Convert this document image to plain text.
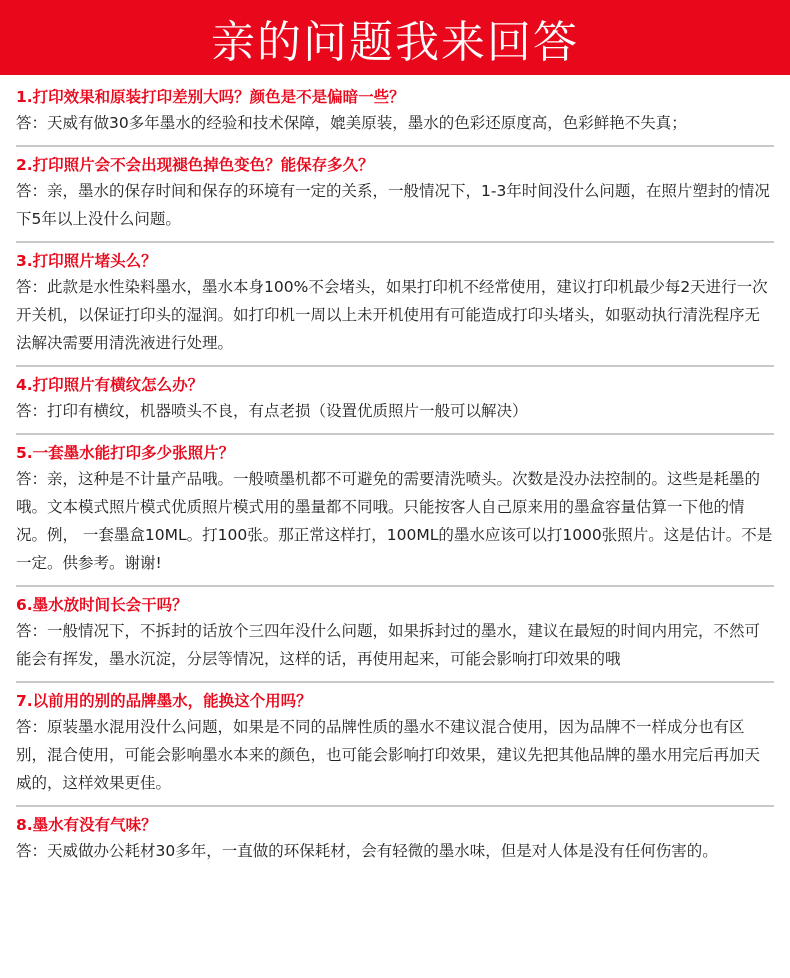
亲的问题我来回答
1.打印效果和原装打印差别大吗？颜色是不是偏暗一些？
答：天威有做30多年墨水的经验和技术保障，媲美原装，墨水的色彩还原度高，色彩鲜艳不失真；
2.打印照片会不会出现褪色掉色变色？能保存多久？
答：亲，墨水的保存时间和保存的环境有一定的关系，一般情况下，1-3年时间没什么问题，在照片塑封的情况下5年以上没什么问题。
3.打印照片堵头么？
答：此款是水性染料墨水，墨水本身100%不会堵头，如果打印机不经常使用，建议打印机最少每2天进行一次开关机，以保证打印头的湿润。如打印机一周以上未开机使用有可能造成打印头堵头，如驱动执行清洗程序无法解决需要用清洗液进行处理。
4.打印照片有横纹怎么办？
答：打印有横纹，机器喷头不良，有点老损（设置优质照片一般可以解决）
5.一套墨水能打印多少张照片？
答：亲，这种是不计量产品哦。一般喷墨机都不可避免的需要清洗喷头。次数是没办法控制的。这些是耗墨的哦。文本模式照片模式优质照片模式用的墨量都不同哦。只能按客人自己原来用的墨盒容量估算一下他的情况。例， 一套墨盒10ML。打100张。那正常这样打，100ML的墨水应该可以打1000张照片。这是估计。不是一定。供参考。谢谢!
6.墨水放时间长会干吗？
答：一般情况下，不拆封的话放个三四年没什么问题，如果拆封过的墨水，建议在最短的时间内用完，不然可能会有挥发，墨水沉淀，分层等情况，这样的话，再使用起来，可能会影响打印效果的哦
7.以前用的别的品牌墨水，能换这个用吗？
答：原装墨水混用没什么问题，如果是不同的品牌性质的墨水不建议混合使用，因为品牌不一样成分也有区别，混合使用，可能会影响墨水本来的颜色，也可能会影响打印效果，建议先把其他品牌的墨水用完后再加天威的，这样效果更佳。
8.墨水有没有气味？
答：天威做办公耗材30多年，一直做的环保耗材，会有轻微的墨水味，但是对人体是没有任何伤害的。
